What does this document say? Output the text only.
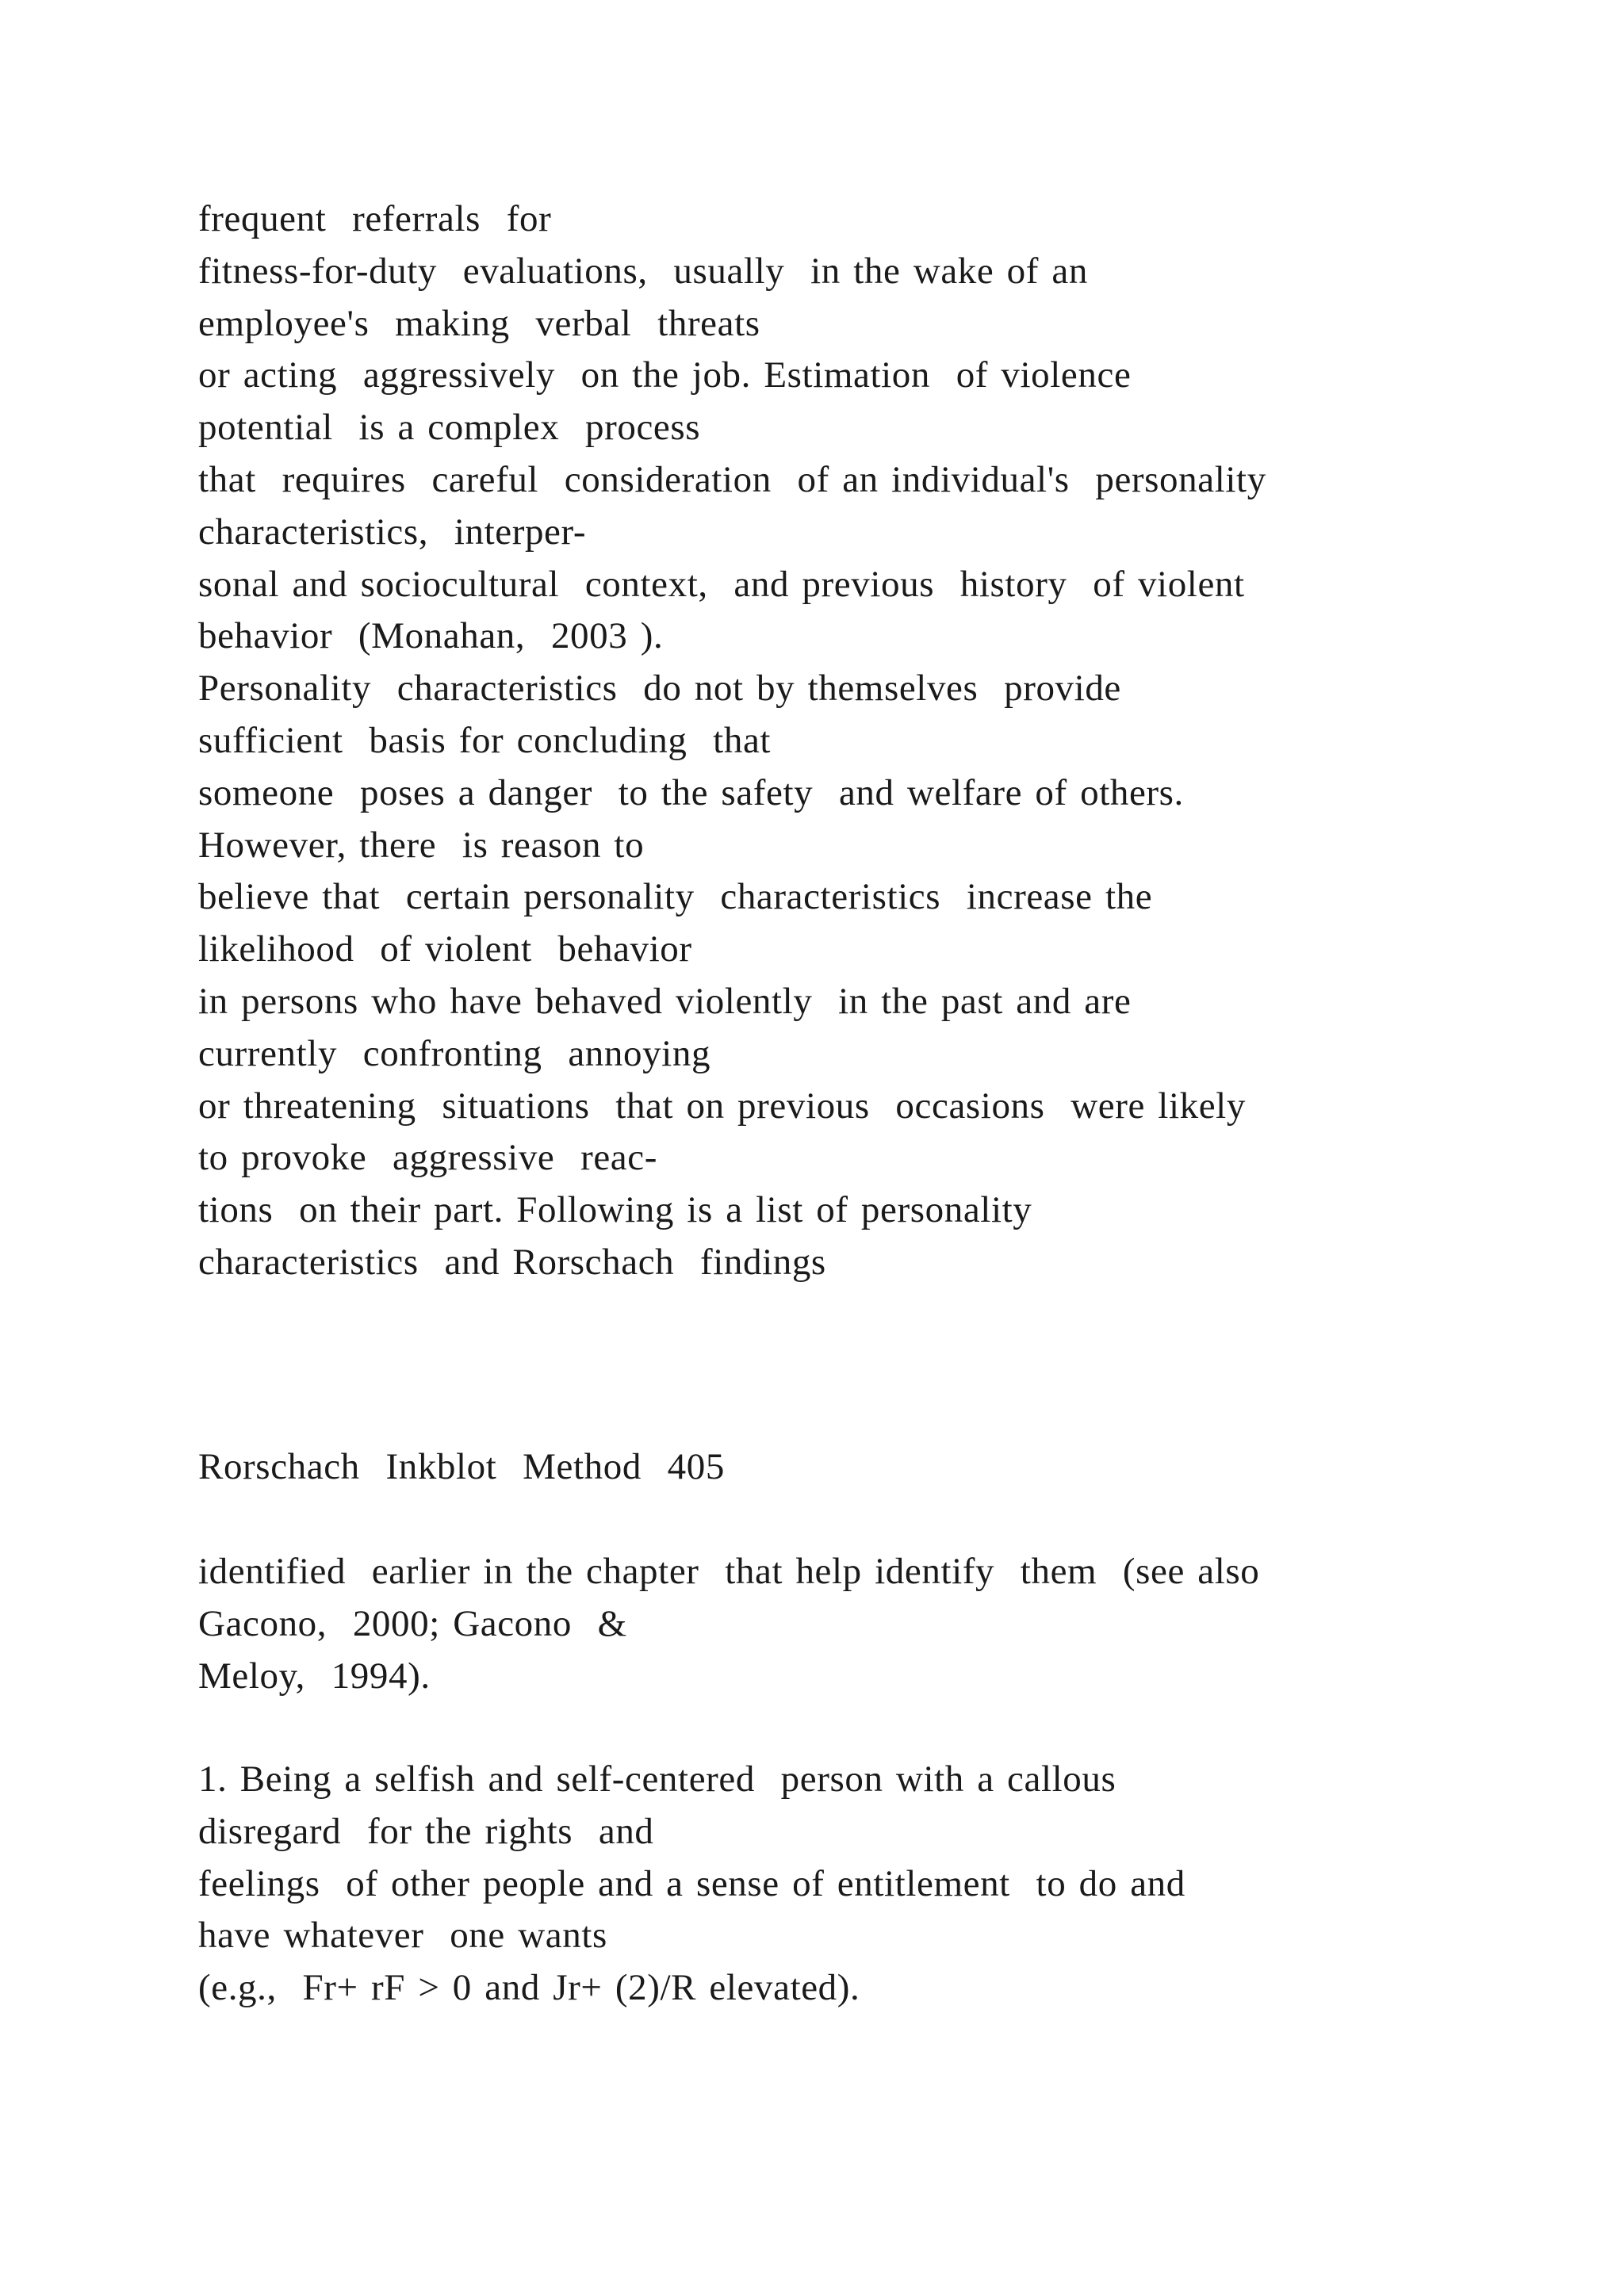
frequent  referrals  for
fitness-for-duty  evaluations,  usually  in the wake of an
employee's  making  verbal  threats
or acting  aggressively  on the job. Estimation  of violence
potential  is a complex  process
that  requires  careful  consideration  of an individual's  personality
characteristics,  interper-
sonal and sociocultural  context,  and previous  history  of violent
behavior  (Monahan,  2003 ).
Personality  characteristics  do not by themselves  provide
sufficient  basis for concluding  that
someone  poses a danger  to the safety  and welfare of others.
However, there  is reason to
believe that  certain personality  characteristics  increase the
likelihood  of violent  behavior
in persons who have behaved violently  in the past and are
currently  confronting  annoying
or threatening  situations  that on previous  occasions  were likely
to provoke  aggressive  reac-
tions  on their part. Following is a list of personality
characteristics  and Rorschach  findings
Rorschach  Inkblot  Method  405
identified  earlier in the chapter  that help identify  them  (see also
Gacono,  2000; Gacono  &
Meloy,  1994).
1. Being a selfish and self-centered  person with a callous
disregard  for the rights  and
feelings  of other people and a sense of entitlement  to do and
have whatever  one wants
(e.g.,  Fr+ rF > 0 and Jr+ (2)/R elevated).
